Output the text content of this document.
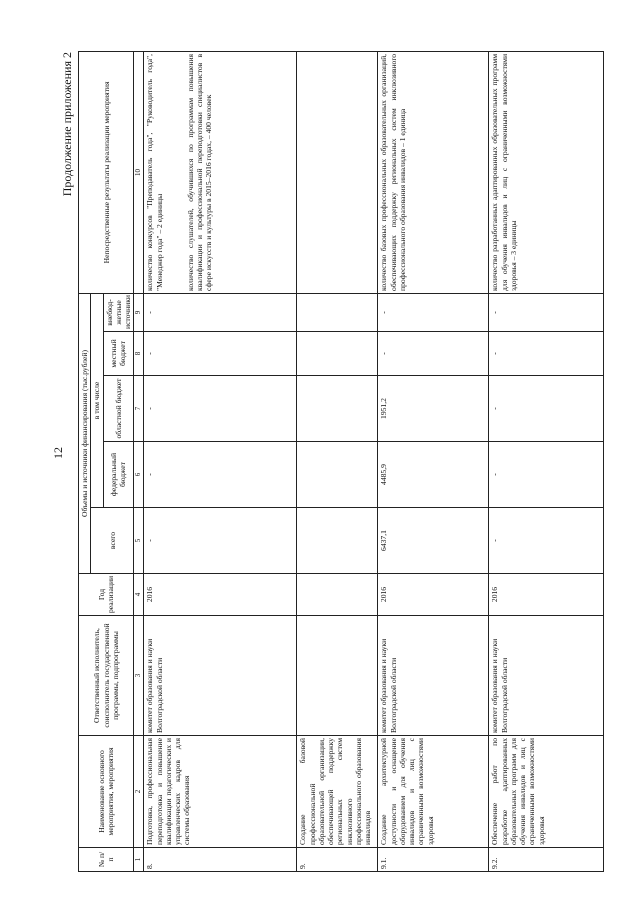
12
Продолжение приложения 2
№ п/п	Наименование основного мероприятия, мероприятия	Ответственный исполнитель, соисполнитель государственной программы, подпрограммы	Год реализации	Объемы и источники финансирования (тыс.рублей)					Непосредственные результаты реализации мероприятия
				всего	в том числе				
					федеральный бюджет	областной бюджет	местный бюджет	внебюд-жетные источники	
1	2	3	4	5	6	7	8	9	10
8.	Подготовка, профессиональная переподготовка и повышение квалификации педагогических и управленческих кадров для системы образования	комитет образования и науки Волгоградской области	2016	-	-	-	-	-	количество конкурсов "Преподаватель года", "Руководитель года", "Менеджер года" – 2 единицы количество слушателей, обучившихся по программам повышения квалификации и профессиональной переподготовки специалистов в сфере искусств и культуры в 2015–2016 годах, – 400 человек

9.	Создание базовой профессиональной образовательной организации, обеспечивающей поддержку региональных систем инклюзивного профессионального образования инвалидов								
9.1.	Создание архитектурной доступности и оснащение оборудованием для обучения инвалидов и лиц с ограниченными возможностями здоровья	комитет образования и науки Волгоградской области	2016	6437,1	4485,9	1951,2	-	-	количество базовых профессиональных образовательных организаций, обеспечивающих поддержку региональных систем инклюзивного профессионального образования инвалидов – 1 единица
9.2.	Обеспечение работ по разработке адаптированных образовательных программ для обучения инвалидов и лиц с ограниченными возможностями здоровья	комитет образования и науки Волгоградской области	2016	-	-	-	-	-	количество разработанных адаптированных образовательных программ для обучения инвалидов и лиц с ограниченными возможностями здоровья – 3 единицы
